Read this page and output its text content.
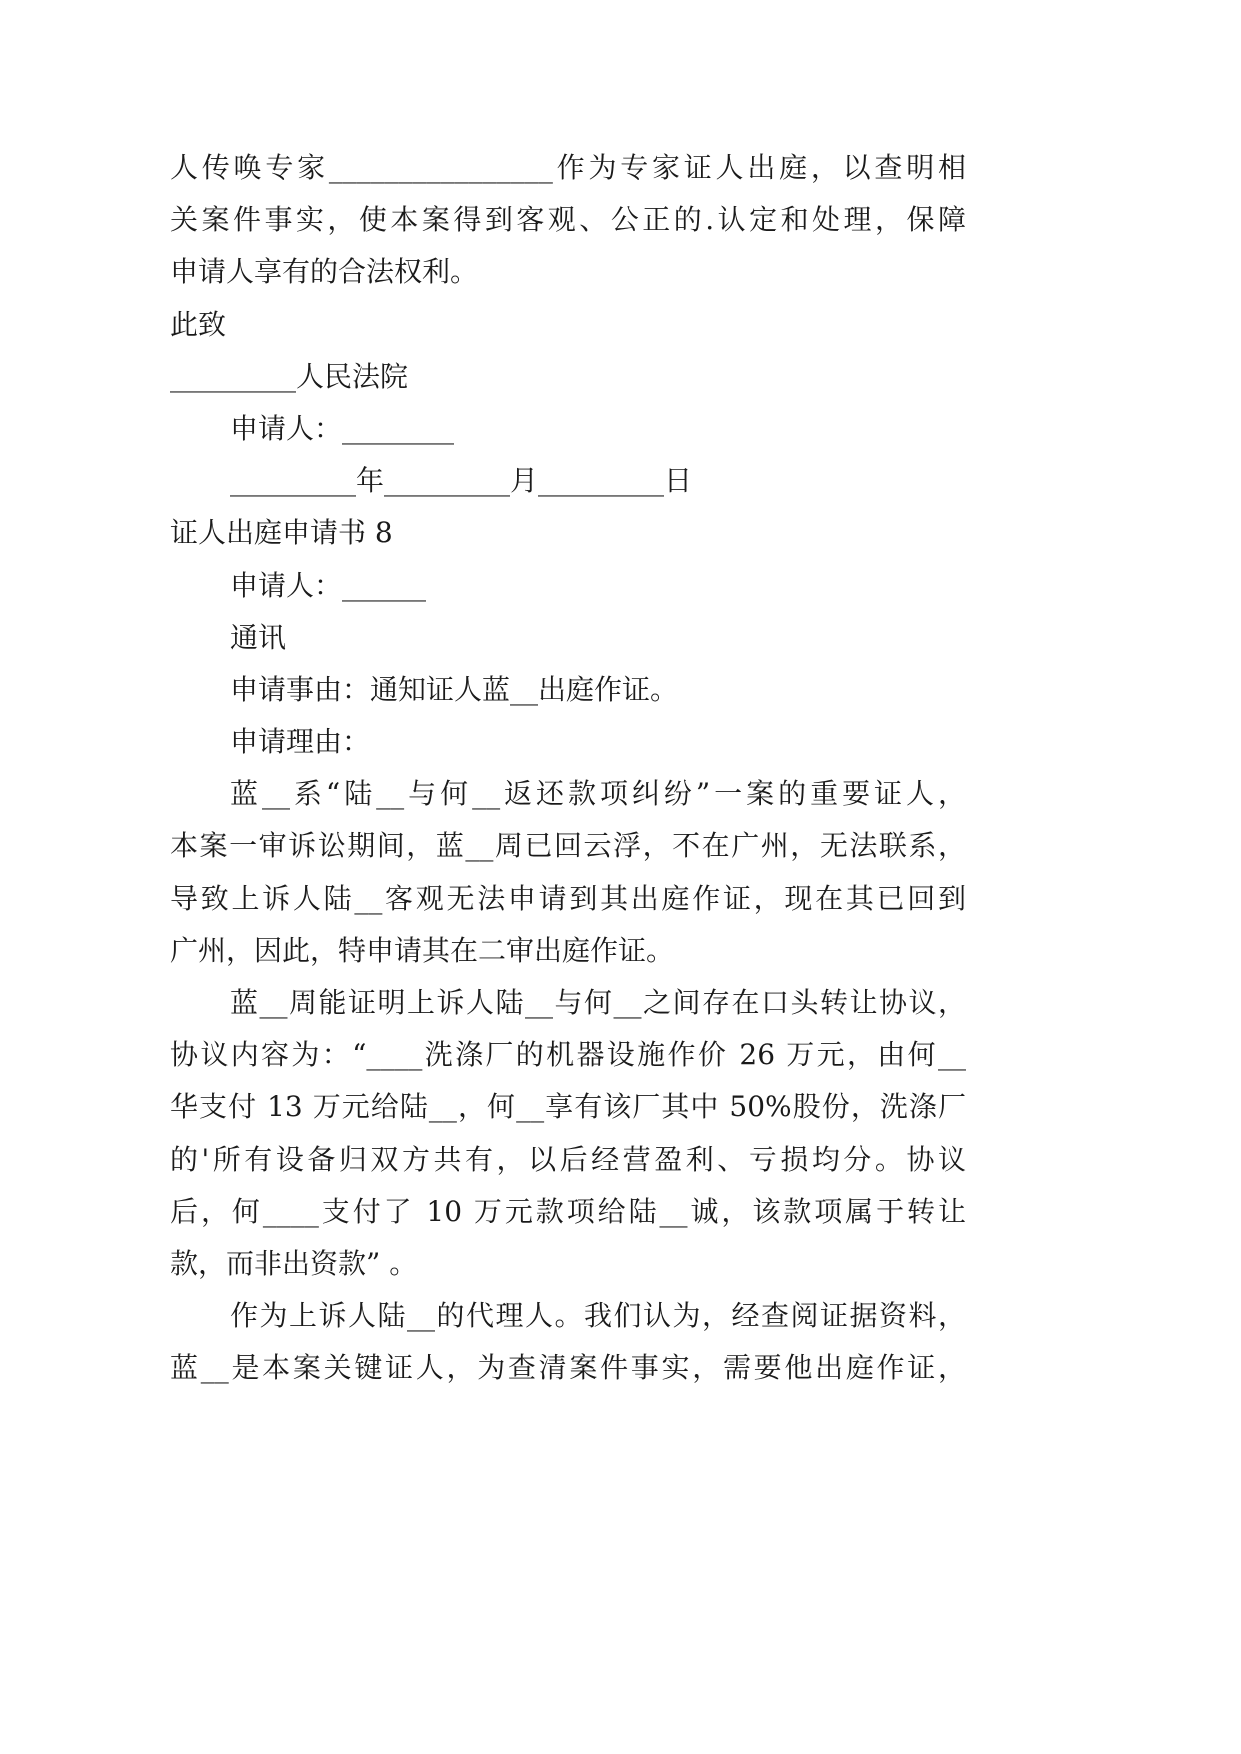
人传唤专家________________作为专家证人出庭，以查明相
关案件事实，使本案得到客观、公正的.认定和处理，保障
申请人享有的合法权利。
此致
_________人民法院
申请人：________
_________年_________月_________日
证人出庭申请书 8
申请人：______
通讯
申请事由：通知证人蓝__出庭作证。
申请理由：
蓝__系“陆__与何__返还款项纠纷”一案的重要证人，
本案一审诉讼期间，蓝__周已回云浮，不在广州，无法联系，
导致上诉人陆__客观无法申请到其出庭作证，现在其已回到
广州，因此，特申请其在二审出庭作证。
蓝__周能证明上诉人陆__与何__之间存在口头转让协议，
协议内容为：“____洗涤厂的机器设施作价 26 万元，由何__
华支付 13 万元给陆__，何__享有该厂其中 50%股份，洗涤厂
的'所有设备归双方共有，以后经营盈利、亏损均分。协议
后，何____支付了 10 万元款项给陆__诚，该款项属于转让
款，而非出资款” 。
作为上诉人陆__的代理人。我们认为，经查阅证据资料，
蓝__是本案关键证人，为查清案件事实，需要他出庭作证，
